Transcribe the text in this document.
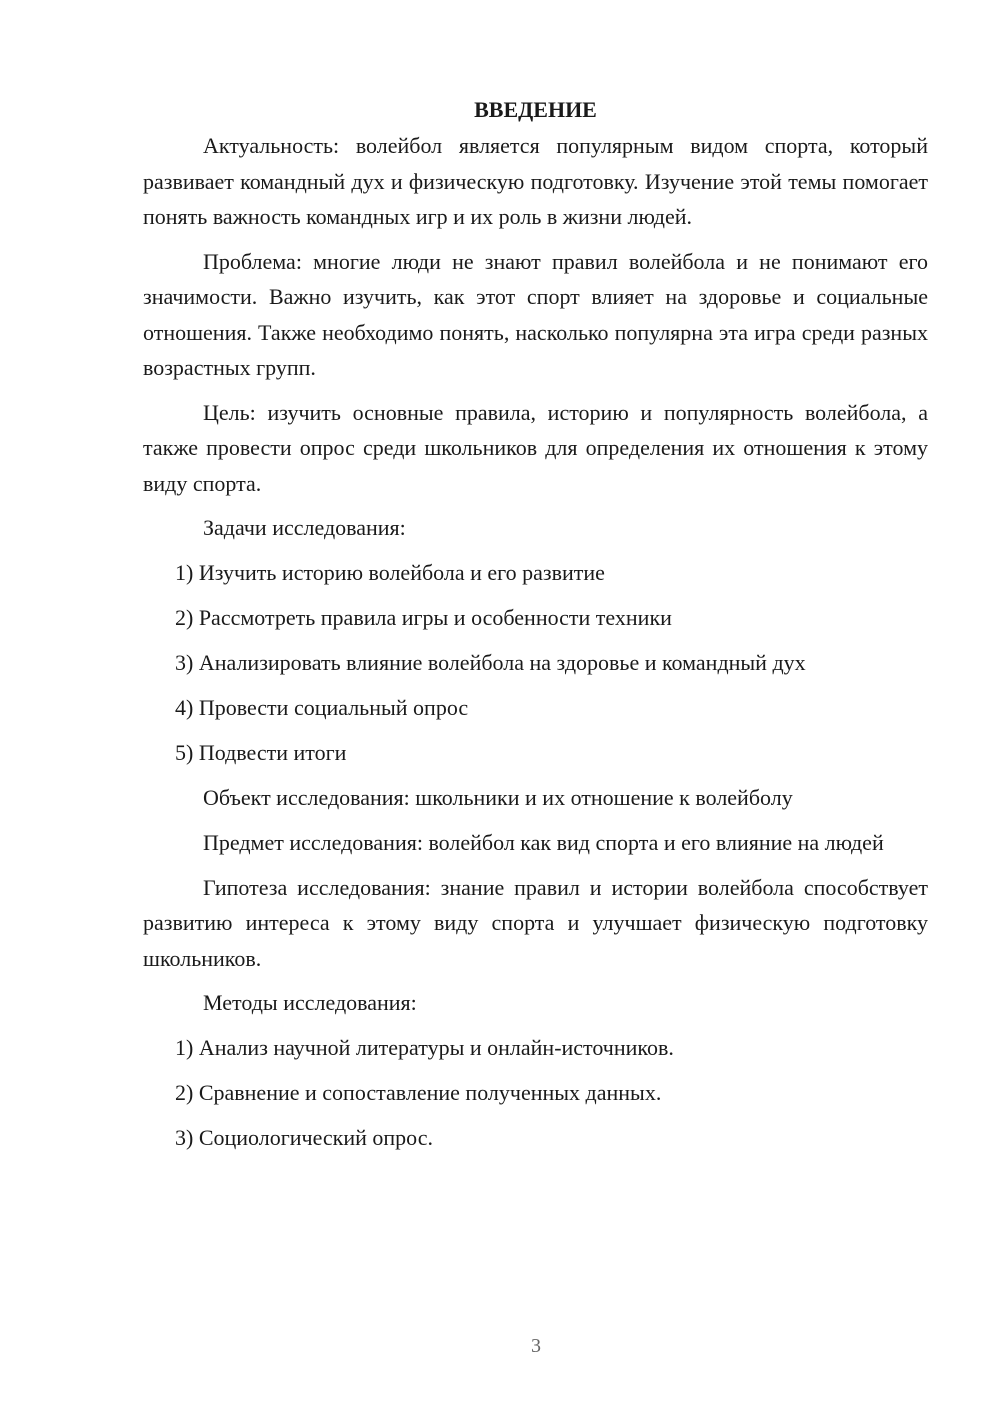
ВВЕДЕНИЕ

Актуальность: волейбол является популярным видом спорта, который развивает командный дух и физическую подготовку. Изучение этой темы помогает понять важность командных игр и их роль в жизни людей.

Проблема: многие люди не знают правил волейбола и не понимают его значимости. Важно изучить, как этот спорт влияет на здоровье и социальные отношения. Также необходимо понять, насколько популярна эта игра среди разных возрастных групп.

Цель: изучить основные правила, историю и популярность волейбола, а также провести опрос среди школьников для определения их отношения к этому виду спорта.

Задачи исследования:

1) Изучить историю волейбола и его развитие

2) Рассмотреть правила игры и особенности техники

3) Анализировать влияние волейбола на здоровье и командный дух

4) Провести социальный опрос

5) Подвести итоги

Объект исследования: школьники и их отношение к волейболу

Предмет исследования: волейбол как вид спорта и его влияние на людей

Гипотеза исследования: знание правил и истории волейбола способствует развитию интереса к этому виду спорта и улучшает физическую подготовку школьников.

Методы исследования:

1) Анализ научной литературы и онлайн-источников.

2) Сравнение и сопоставление полученных данных.

3) Социологический опрос.

3
